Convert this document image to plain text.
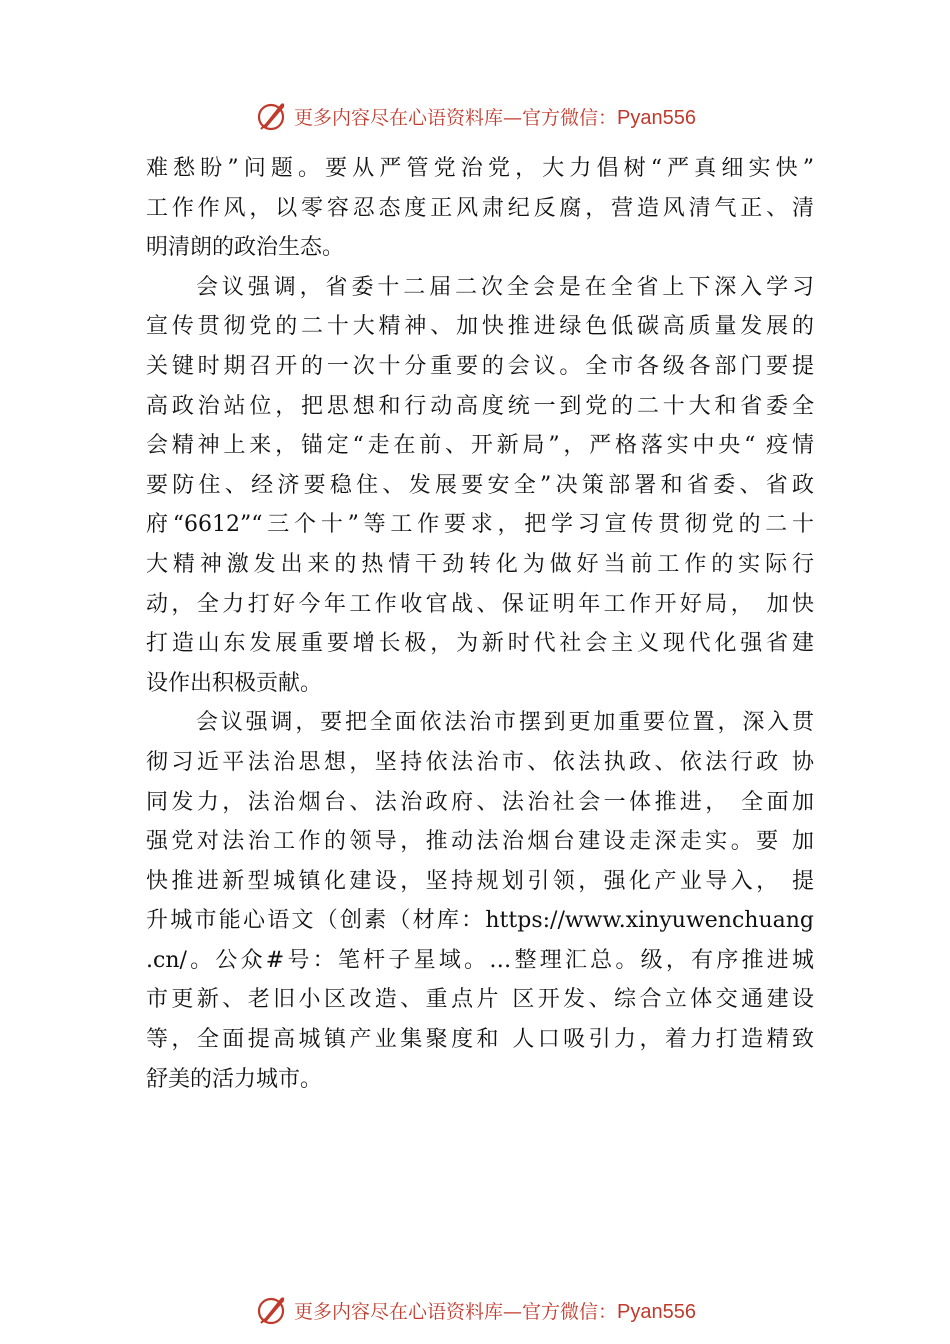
更多内容尽在心语资料库—官方微信：Pyan556
难愁盼”问题。要从严管党治党，大力倡树“严真细实快”
工作作风，以零容忍态度正风肃纪反腐，营造风清气正、清
明清朗的政治生态。
会议强调，省委十二届二次全会是在全省上下深入学习
宣传贯彻党的二十大精神、加快推进绿色低碳高质量发展的
关键时期召开的一次十分重要的会议。全市各级各部门要提
高政治站位，把思想和行动高度统一到党的二十大和省委全
会精神上来，锚定“走在前、开新局”，严格落实中央“ 疫情
要防住、经济要稳住、发展要安全”决策部署和省委、省政
府“6612”“三个十”等工作要求，把学习宣传贯彻党的二十
大精神激发出来的热情干劲转化为做好当前工作的实际行
动，全力打好今年工作收官战、保证明年工作开好局， 加快
打造山东发展重要增长极，为新时代社会主义现代化强省建
设作出积极贡献。
会议强调，要把全面依法治市摆到更加重要位置，深入贯
彻习近平法治思想，坚持依法治市、依法执政、依法行政 协
同发力，法治烟台、法治政府、法治社会一体推进， 全面加
强党对法治工作的领导，推动法治烟台建设走深走实。要 加
快推进新型城镇化建设，坚持规划引领，强化产业导入， 提
升城市能心语文（创素（材库：https://www.xinyuwenchuang
.cn/。公众#号：笔杆子星域。…整理汇总。级，有序推进城
市更新、老旧小区改造、重点片 区开发、综合立体交通建设
等，全面提高城镇产业集聚度和 人口吸引力，着力打造精致
舒美的活力城市。
更多内容尽在心语资料库—官方微信：Pyan556
